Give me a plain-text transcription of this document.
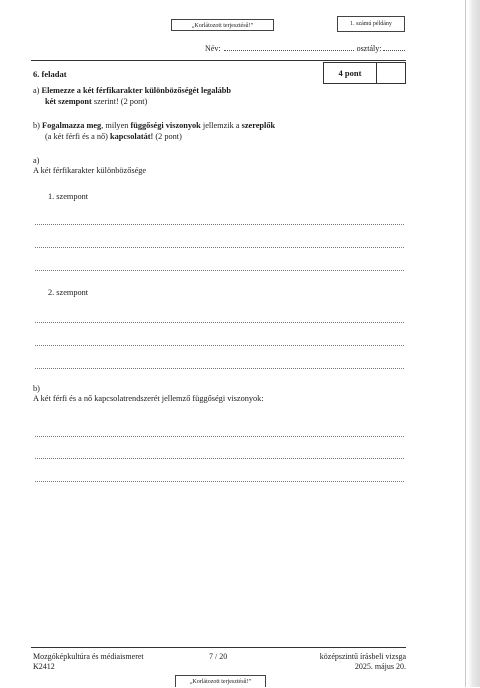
„Korlátozott terjesztésű!”	1. számú példány
Név:	osztály:
6. feladat	4 pont
a) Elemezze a két férfikarakter különbözőségét legalább
két szempont szerint! (2 pont)
b) Fogalmazza meg, milyen függőségi viszonyok jellemzik a szereplők
(a két férfi és a nő) kapcsolatát! (2 pont)
a)
A két férfikarakter különbözősége
1. szempont
2. szempont
b)
A két férfi és a nő kapcsolatrendszerét jellemző függőségi viszonyok:
Mozgóképkultúra és médiaismeret
K2412
7 / 20	középszintű írásbeli vizsga
2025. május 20.
„Korlátozott terjesztésű!”
